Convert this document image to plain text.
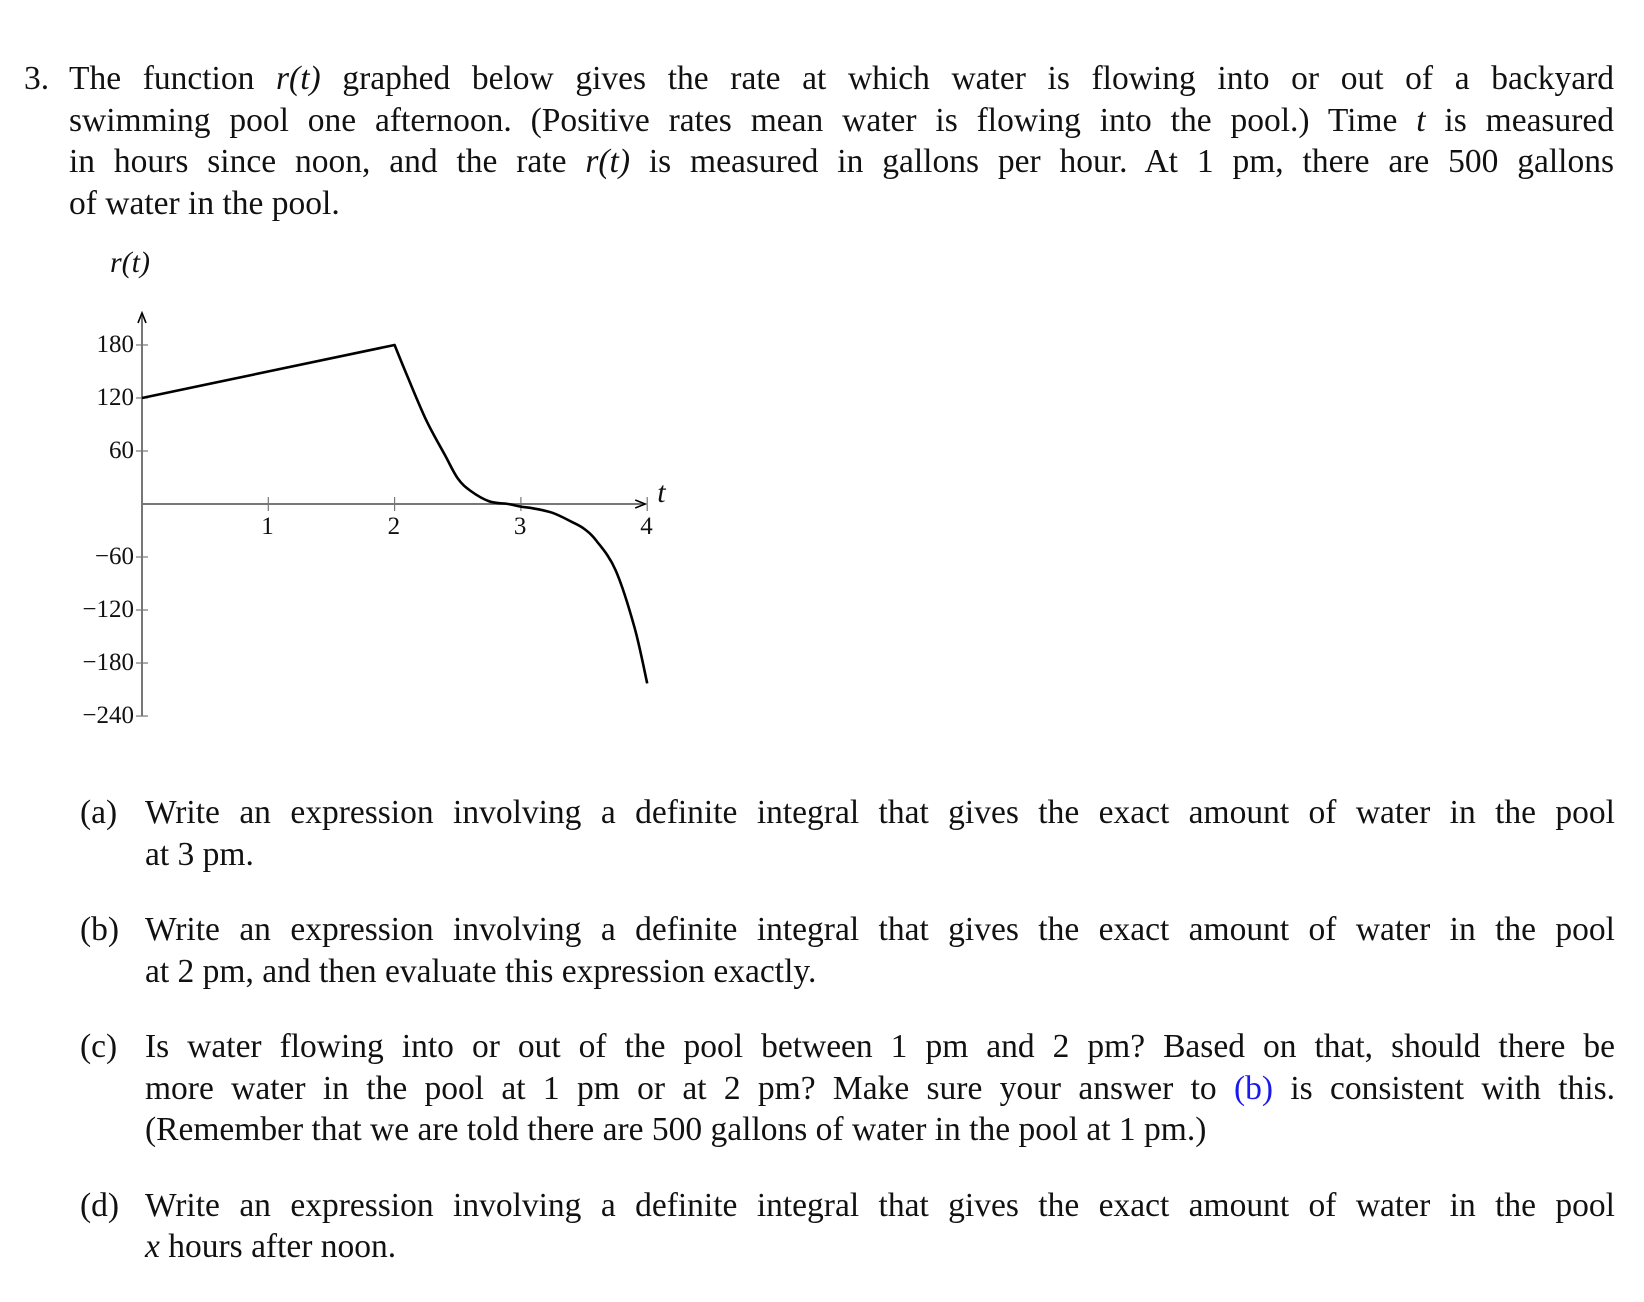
3. The function r(t) graphed below gives the rate at which water is flowing into or out of a backyard
swimming pool one afternoon. (Positive rates mean water is flowing into the pool.) Time t is measured
in hours since noon, and the rate r(t) is measured in gallons per hour. At 1 pm, there are 500 gallons
of water in the pool.
180
120
60
−60
−120
−180
−240
1	2	3	4
r(t)
t
(a) Write an expression involving a definite integral that gives the exact amount of water in the pool
at 3 pm.
(b) Write an expression involving a definite integral that gives the exact amount of water in the pool
at 2 pm, and then evaluate this expression exactly.
(c) Is water flowing into or out of the pool between 1 pm and 2 pm? Based on that, should there be
more water in the pool at 1 pm or at 2 pm? Make sure your answer to (b) is consistent with this.
(Remember that we are told there are 500 gallons of water in the pool at 1 pm.)
(d) Write an expression involving a definite integral that gives the exact amount of water in the pool
x hours after noon.
